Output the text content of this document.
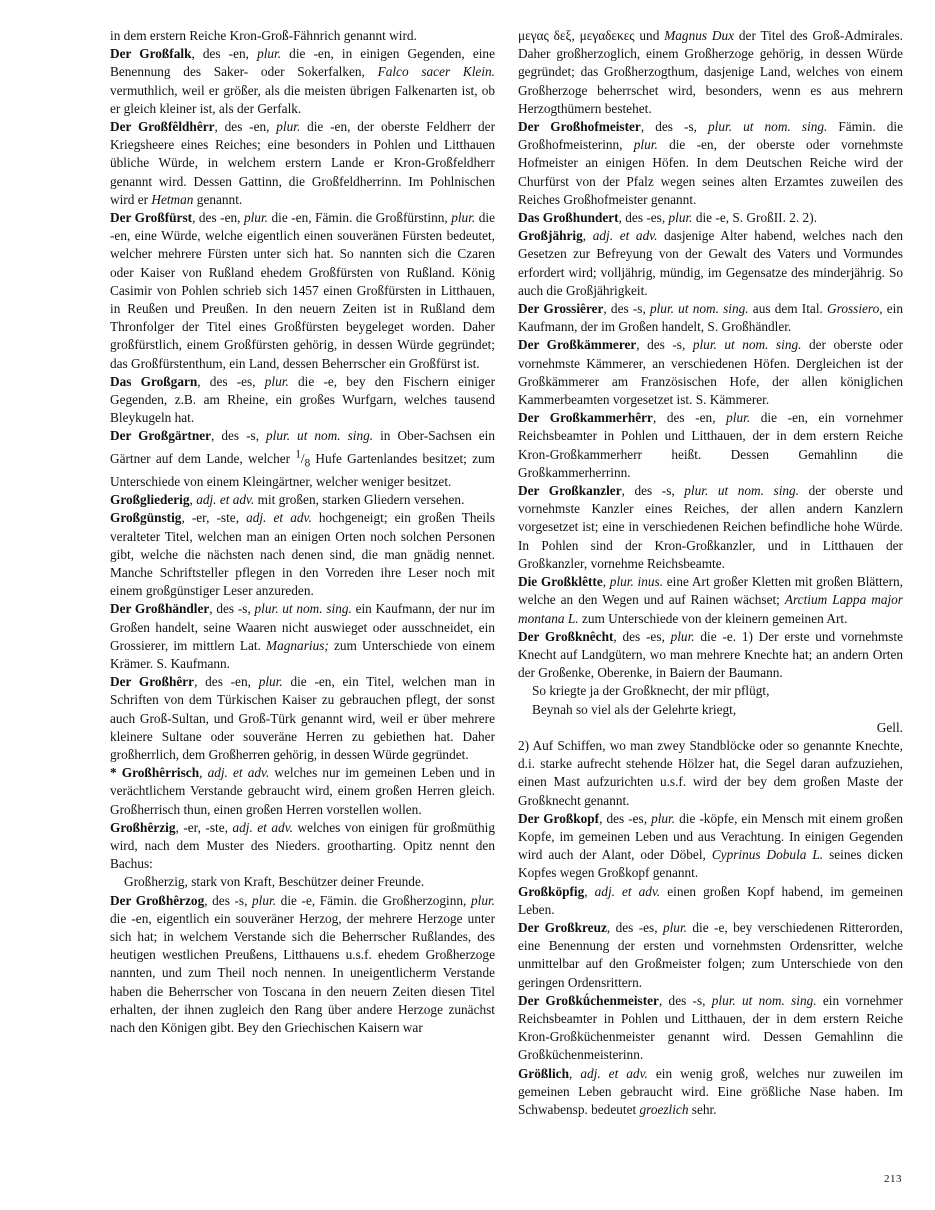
in dem erstern Reiche Kron-Groß-Fähnrich genannt wird.

Der Großfalk, des -en, plur. die -en, in einigen Gegenden, eine Benennung des Saker- oder Sokerfalken, Falco sacer Klein. vermuthlich, weil er größer, als die meisten übrigen Falkenarten ist, ob er gleich kleiner ist, als der Gerfalk.

Der Großfêldhêrr, des -en, plur. die -en, der oberste Feldherr der Kriegsheere eines Reiches; eine besonders in Pohlen und Litthauen übliche Würde, in welchem erstern Lande er Kron-Großfeldherr genannt wird. Dessen Gattinn, die Großfeldherrinn. Im Pohlnischen wird er Hetman genannt.

Der Großfürst, des -en, plur. die -en, Fämin. die Großfürstinn, plur. die -en, eine Würde, welche eigentlich einen souveränen Fürsten bedeutet, welcher mehrere Fürsten unter sich hat. So nannten sich die Czaren oder Kaiser von Rußland ehedem Großfürsten von Rußland. König Casimir von Pohlen schrieb sich 1457 einen Großfürsten in Litthauen, in Reußen und Preußen. In den neuern Zeiten ist in Rußland dem Thronfolger der Titel eines Großfürsten beygeleget worden. Daher großfürstlich, einem Großfürsten gehörig, in dessen Würde gegründet; das Großfürstenthum, ein Land, dessen Beherrscher ein Großfürst ist.

Das Großgarn, des -es, plur. die -e, bey den Fischern einiger Gegenden, z.B. am Rheine, ein großes Wurfgarn, welches tausend Bleykugeln hat.

Der Großgärtner, des -s, plur. ut nom. sing. in Ober-Sachsen ein Gärtner auf dem Lande, welcher $^1/_8$ Hufe Gartenlandes besitzet; zum Unterschiede von einem Kleingärtner, welcher weniger besitzet.

Großgliederig, adj. et adv. mit großen, starken Gliedern versehen.

Großgünstig, -er, -ste, adj. et adv. hochgeneigt; ein großen Theils veralteter Titel, welchen man an einigen Orten noch solchen Personen gibt, welche die nächsten nach denen sind, die man gnädig nennet. Manche Schriftsteller pflegen in den Vorreden ihre Leser noch mit einem großgünstiger Leser anzureden.

Der Großhändler, des -s, plur. ut nom. sing. ein Kaufmann, der nur im Großen handelt, seine Waaren nicht auswieget oder ausschneidet, ein Grossierer, im mittlern Lat. Magnarius; zum Unterschiede von einem Krämer. S. Kaufmann.

Der Großhêrr, des -en, plur. die -en, ein Titel, welchen man in Schriften von dem Türkischen Kaiser zu gebrauchen pflegt, der sonst auch Groß-Sultan, und Groß-Türk genannt wird, weil er über mehrere kleinere Sultane oder souveräne Herren zu gebiethen hat. Daher großherrlich, dem Großherren gehörig, in dessen Würde gegründet.

* Großhêrrisch, adj. et adv. welches nur im gemeinen Leben und in verächtlichem Verstande gebraucht wird, einem großen Herren gleich. Großherrisch thun, einen großen Herren vorstellen wollen.

Großhêrzig, -er, -ste, adj. et adv. welches von einigen für großmüthig wird, nach dem Muster des Nieders. grootharting. Opitz nennt den Bachus:

Großherzig, stark von Kraft, Beschützer deiner Freunde.

Der Großhêrzog, des -s, plur. die -e, Fämin. die Großherzoginn, plur. die -en, eigentlich ein souveräner Herzog, der mehrere Herzoge unter sich hat; in welchem Verstande sich die Beherrscher Rußlandes, des heutigen westlichen Preußens, Litthauens u.s.f. ehedem Großherzoge nannten, und zum Theil noch nennen. In uneigentlicherm Verstande haben die Beherrscher von Toscana in den neuern Zeiten diesen Titel erhalten, der ihnen zugleich den Rang über andere Herzoge zunächst nach den Königen gibt. Bey den Griechischen Kaisern war

μεγας δεξ, μεγαδεκες und Magnus Dux der Titel des Groß-Admirales. Daher großherzoglich, einem Großherzoge gehörig, in dessen Würde gegründet; das Großherzogthum, dasjenige Land, welches von einem Großherzoge beherrschet wird, besonders, wenn es aus mehrern Herzogthümern bestehet.

Der Großhofmeister, des -s, plur. ut nom. sing. Fämin. die Großhofmeisterinn, plur. die -en, der oberste oder vornehmste Hofmeister an einigen Höfen. In dem Deutschen Reiche wird der Churfürst von der Pfalz wegen seines alten Erzamtes zuweilen des Reiches Großhofmeister genannt.

Das Großhundert, des -es, plur. die -e, S. GroßII. 2. 2).

Großjährig, adj. et adv. dasjenige Alter habend, welches nach den Gesetzen zur Befreyung von der Gewalt des Vaters und Vormundes erfordert wird; volljährig, mündig, im Gegensatze des minderjährig. So auch die Großjährigkeit.

Der Grossiêrer, des -s, plur. ut nom. sing. aus dem Ital. Grossiero, ein Kaufmann, der im Großen handelt, S. Großhändler.

Der Großkämmerer, des -s, plur. ut nom. sing. der oberste oder vornehmste Kämmerer, an verschiedenen Höfen. Dergleichen ist der Großkämmerer am Französischen Hofe, der allen königlichen Kammerbeamten vorgesetzet ist. S. Kämmerer.

Der Großkammerhêrr, des -en, plur. die -en, ein vornehmer Reichsbeamter in Pohlen und Litthauen, der in dem erstern Reiche Kron-Großkammerherr heißt. Dessen Gemahlinn die Großkammerherrinn.

Der Großkanzler, des -s, plur. ut nom. sing. der oberste und vornehmste Kanzler eines Reiches, der allen andern Kanzlern vorgesetzet ist; eine in verschiedenen Reichen befindliche hohe Würde. In Pohlen sind der Kron-Großkanzler, und in Litthauen der Großkanzler, vornehme Reichsbeamte.

Die Großklêtte, plur. inus. eine Art großer Kletten mit großen Blättern, welche an den Wegen und auf Rainen wächset; Arctium Lappa major montana L. zum Unterschiede von der kleinern gemeinen Art.

Der Großknêcht, des -es, plur. die -e. 1) Der erste und vornehmste Knecht auf Landgütern, wo man mehrere Knechte hat; an andern Orten der Großenke, Oberenke, in Baiern der Baumann.

So kriegte ja der Großknecht, der mir pflügt,

Beynah so viel als der Gelehrte kriegt,

Gell.

2) Auf Schiffen, wo man zwey Standblöcke oder so genannte Knechte, d.i. starke aufrecht stehende Hölzer hat, die Segel daran aufzuziehen, einen Mast aufzurichten u.s.f. wird der bey dem großen Maste der Großknecht genannt.

Der Großkopf, des -es, plur. die -köpfe, ein Mensch mit einem großen Kopfe, im gemeinen Leben und aus Verachtung. In einigen Gegenden wird auch der Alant, oder Döbel, Cyprinus Dobula L. seines dicken Kopfes wegen Großkopf genannt.

Großköpfig, adj. et adv. einen großen Kopf habend, im gemeinen Leben.

Der Großkreuz, des -es, plur. die -e, bey verschiedenen Ritterorden, eine Benennung der ersten und vornehmsten Ordensritter, welche unmittelbar auf den Großmeister folgen; zum Unterschiede von den geringen Ordensrittern.

Der Großkǘchenmeister, des -s, plur. ut nom. sing. ein vornehmer Reichsbeamter in Pohlen und Litthauen, der in dem erstern Reiche Kron-Großküchenmeister genannt wird. Dessen Gemahlinn die Großküchenmeisterinn.

Größlich, adj. et adv. ein wenig groß, welches nur zuweilen im gemeinen Leben gebraucht wird. Eine größliche Nase haben. Im Schwabensp. bedeutet groezlich sehr.

213
